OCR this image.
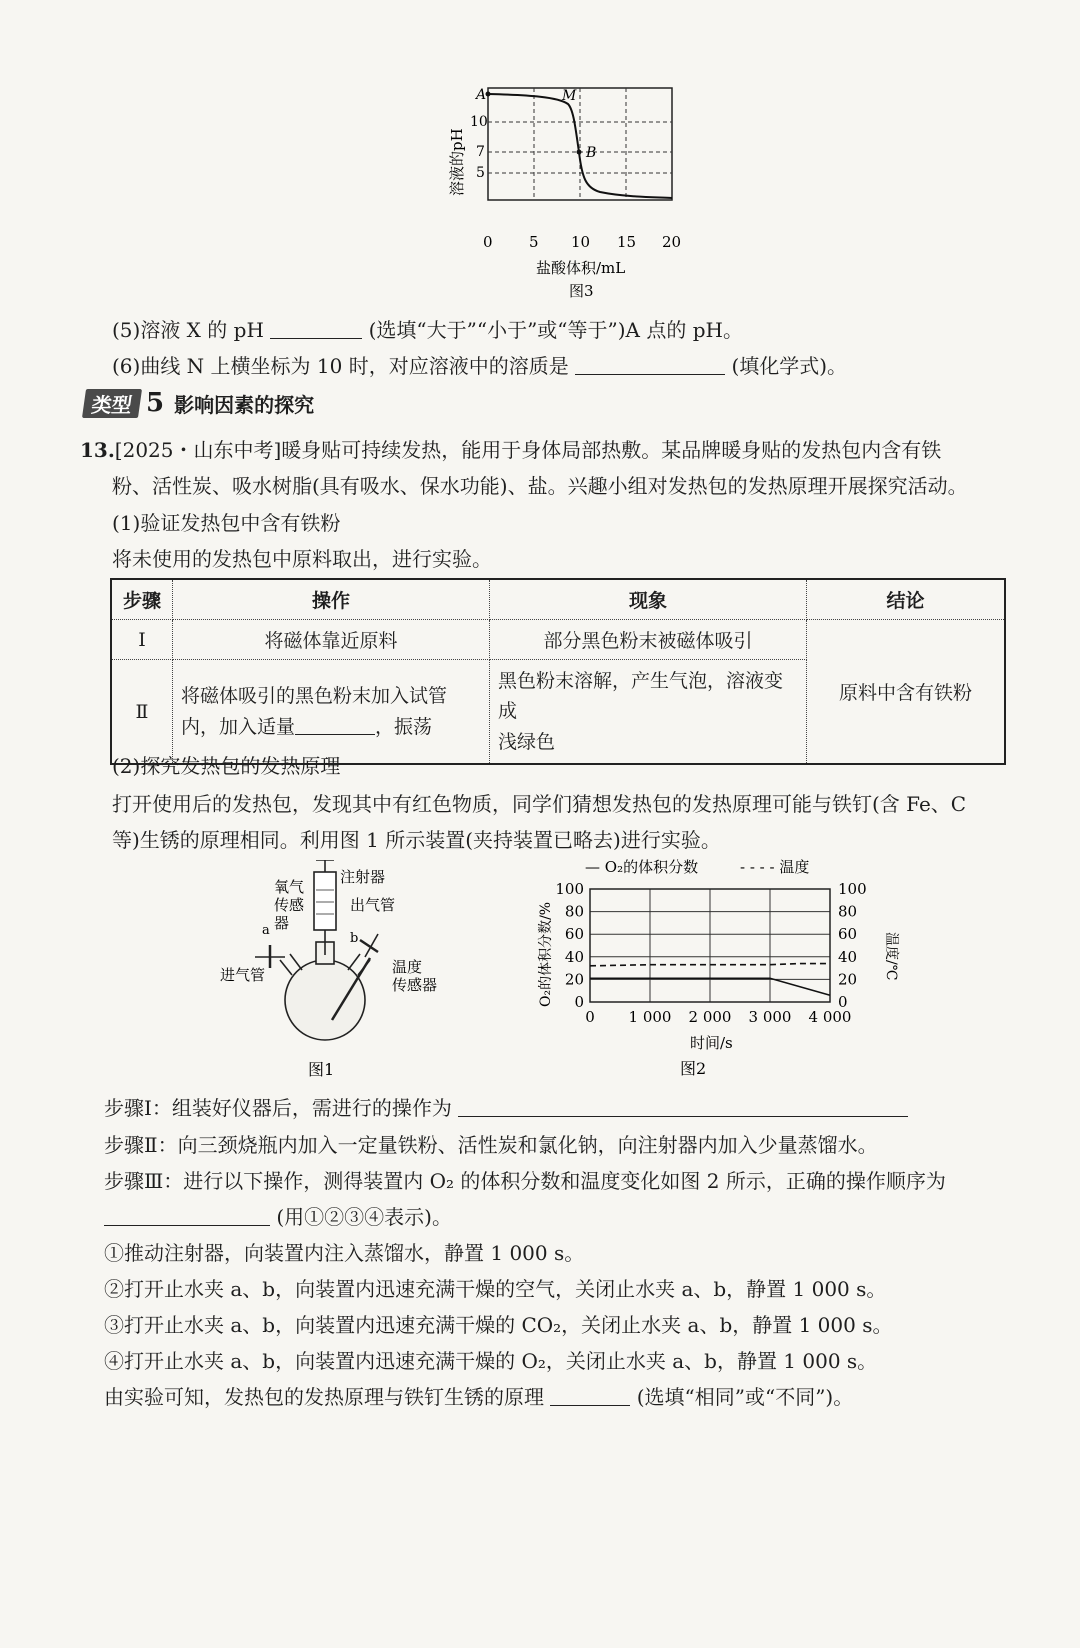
A	M
B
10
7
5
0 5 10 15 20
溶液的pH
盐酸体积/mL
图3
(5)溶液 X 的 pH	(选填“大于”“小于”或“等于”)A 点的 pH。
(6)曲线 N 上横坐标为 10 时，对应溶液中的溶质是	(填化学式)。
类型 5 影响因素的探究
13.[2025・山东中考]暖身贴可持续发热，能用于身体局部热敷。某品牌暖身贴的发热包内含有铁
粉、活性炭、吸水树脂(具有吸水、保水功能)、盐。兴趣小组对发热包的发热原理开展探究活动。
(1)验证发热包中含有铁粉
将未使用的发热包中原料取出，进行实验。
步骤	操作	现象	结论
Ⅰ	将磁体靠近原料	部分黑色粉末被磁体吸引	原料中含有铁粉
Ⅱ	将磁体吸引的黑色粉末加入试管
内，加入适量 ，振荡	黑色粉末溶解，产生气泡，溶液变成
浅绿色	
(2)探究发热包的发热原理
打开使用后的发热包，发现其中有红色物质，同学们猜想发热包的发热原理可能与铁钉(含 Fe、C
等)生锈的原理相同。利用图 1 所示装置(夹持装置已略去)进行实验。
注射器
氧气
传感
器
出气管
a
b
进气管	温度
传感器
图1
— O₂的体积分数	- - - - 温度
O₂的体积分数/%	温度/℃
时间/s
图2
0 1 000 2 000 3 000 4 000
0
20
40
60
80
100
0
20
40
60
80
100
步骤Ⅰ：组装好仪器后，需进行的操作为
步骤Ⅱ：向三颈烧瓶内加入一定量铁粉、活性炭和氯化钠，向注射器内加入少量蒸馏水。
步骤Ⅲ：进行以下操作，测得装置内 O₂ 的体积分数和温度变化如图 2 所示，正确的操作顺序为
(用①②③④表示)。
①推动注射器，向装置内注入蒸馏水，静置 1 000 s。
②打开止水夹 a、b，向装置内迅速充满干燥的空气，关闭止水夹 a、b，静置 1 000 s。
③打开止水夹 a、b，向装置内迅速充满干燥的 CO₂，关闭止水夹 a、b，静置 1 000 s。
④打开止水夹 a、b，向装置内迅速充满干燥的 O₂，关闭止水夹 a、b，静置 1 000 s。
由实验可知，发热包的发热原理与铁钉生锈的原理	(选填“相同”或“不同”)。
